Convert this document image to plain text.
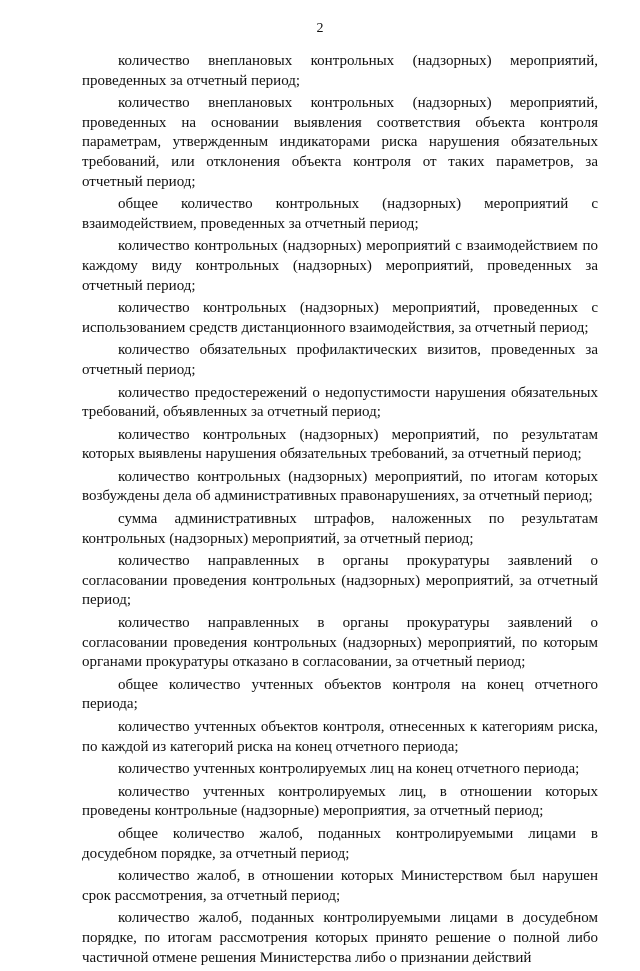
2

количество внеплановых контрольных (надзорных) мероприятий, проведенных за отчетный период;

количество внеплановых контрольных (надзорных) мероприятий, проведенных на основании выявления соответствия объекта контроля параметрам, утвержденным индикаторами риска нарушения обязательных требований, или отклонения объекта контроля от таких параметров, за отчетный период;

общее количество контрольных (надзорных) мероприятий с взаимодействием, проведенных за отчетный период;

количество контрольных (надзорных) мероприятий с взаимодействием по каждому виду контрольных (надзорных) мероприятий, проведенных за отчетный период;

количество контрольных (надзорных) мероприятий, проведенных с использованием средств дистанционного взаимодействия, за отчетный период;

количество обязательных профилактических визитов, проведенных за отчетный период;

количество предостережений о недопустимости нарушения обязательных требований, объявленных за отчетный период;

количество контрольных (надзорных) мероприятий, по результатам которых выявлены нарушения обязательных требований, за отчетный период;

количество контрольных (надзорных) мероприятий, по итогам которых возбуждены дела об административных правонарушениях, за отчетный период;

сумма административных штрафов, наложенных по результатам контрольных (надзорных) мероприятий, за отчетный период;

количество направленных в органы прокуратуры заявлений о согласовании проведения контрольных (надзорных) мероприятий, за отчетный период;

количество направленных в органы прокуратуры заявлений о согласовании проведения контрольных (надзорных) мероприятий, по которым органами прокуратуры отказано в согласовании, за отчетный период;

общее количество учтенных объектов контроля на конец отчетного периода;

количество учтенных объектов контроля, отнесенных к категориям риска, по каждой из категорий риска на конец отчетного периода;

количество учтенных контролируемых лиц на конец отчетного периода;

количество учтенных контролируемых лиц, в отношении которых проведены контрольные (надзорные) мероприятия, за отчетный период;

общее количество жалоб, поданных контролируемыми лицами в досудебном порядке, за отчетный период;

количество жалоб, в отношении которых Министерством был нарушен срок рассмотрения, за отчетный период;

количество жалоб, поданных контролируемыми лицами в досудебном порядке, по итогам рассмотрения которых принято решение о полной либо частичной отмене решения Министерства либо о признании действий
